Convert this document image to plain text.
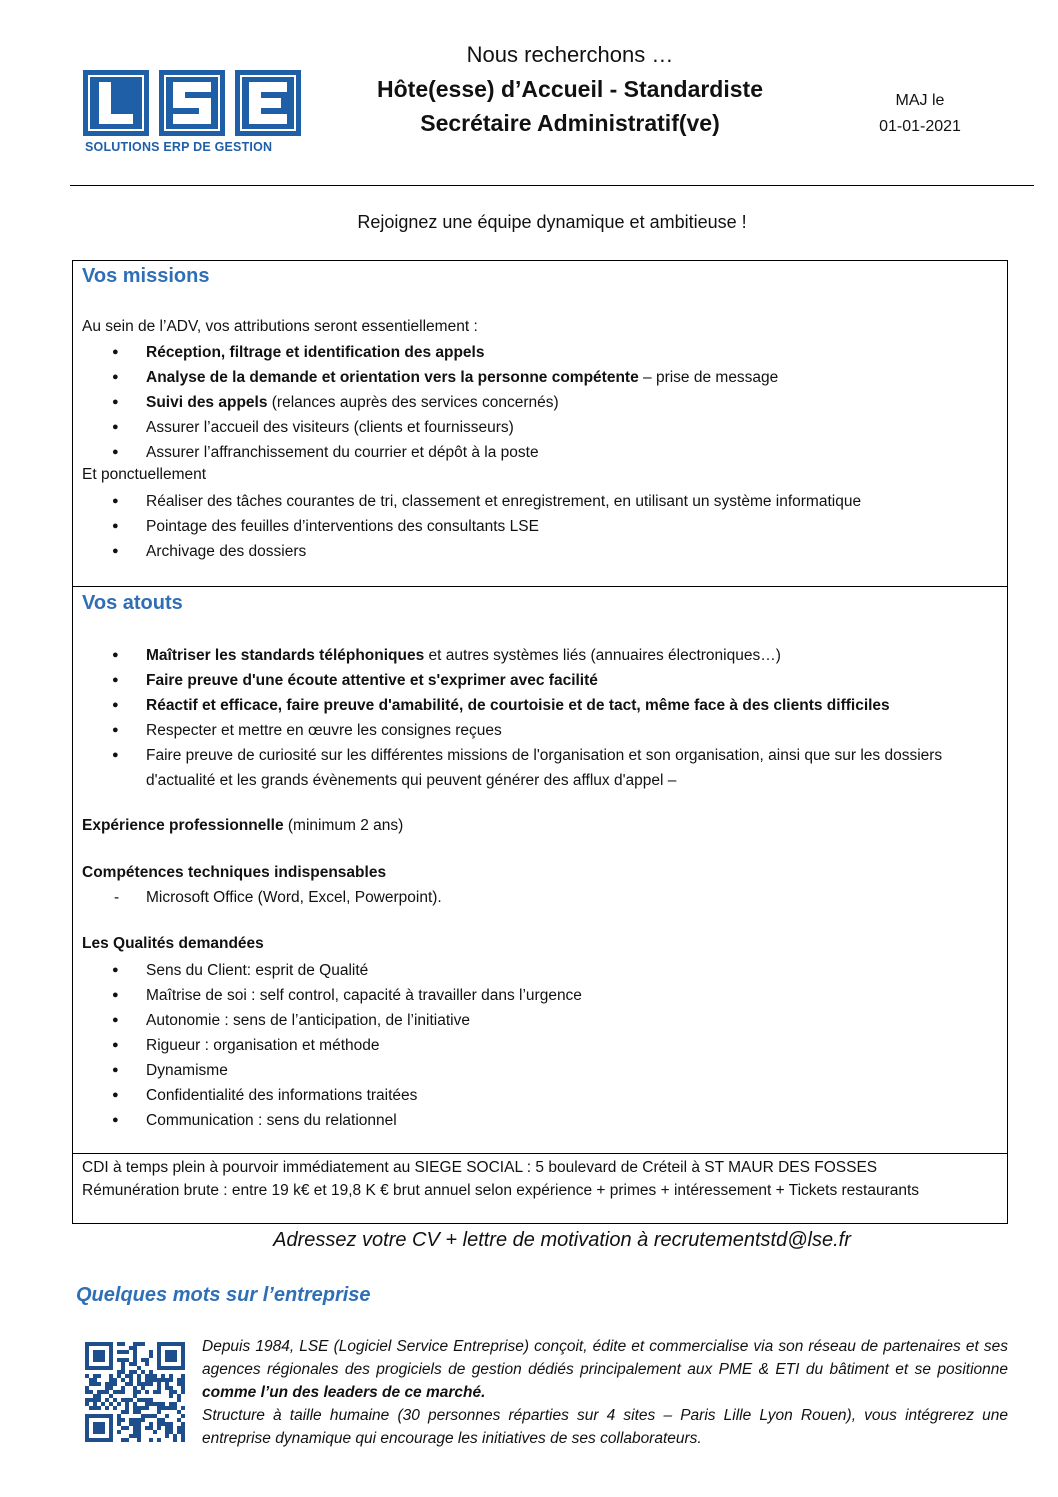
SOLUTIONS ERP DE GESTION
Nous recherchons …
Hôte(esse) d’Accueil - Standardiste
Secrétaire Administratif(ve)
MAJ le
01-01-2021
Rejoignez une équipe dynamique et ambitieuse !
Vos missions
Au sein de l’ADV, vos attributions seront essentiellement :
● Réception, filtrage et identification des appels
● Analyse de la demande et orientation vers la personne compétente – prise de message
● Suivi des appels (relances auprès des services concernés)
● Assurer l’accueil des visiteurs (clients et fournisseurs)
● Assurer l’affranchissement du courrier et dépôt à la poste
Et ponctuellement
● Réaliser des tâches courantes de tri, classement et enregistrement, en utilisant un système informatique
● Pointage des feuilles d’interventions des consultants LSE
● Archivage des dossiers
Vos atouts
● Maîtriser les standards téléphoniques et autres systèmes liés (annuaires électroniques…)
● Faire preuve d'une écoute attentive et s'exprimer avec facilité
● Réactif et efficace, faire preuve d'amabilité, de courtoisie et de tact, même face à des clients difficiles
● Respecter et mettre en œuvre les consignes reçues
● Faire preuve de curiosité sur les différentes missions de l'organisation et son organisation, ainsi que sur les dossiers d'actualité et les grands évènements qui peuvent générer des afflux d'appel –
Expérience professionnelle (minimum 2 ans)
Compétences techniques indispensables
- Microsoft Office (Word, Excel, Powerpoint).
Les Qualités demandées
● Sens du Client: esprit de Qualité
● Maîtrise de soi : self control, capacité à travailler dans l’urgence
● Autonomie : sens de l’anticipation, de l’initiative
● Rigueur : organisation et méthode
● Dynamisme
● Confidentialité des informations traitées
● Communication : sens du relationnel
CDI à temps plein à pourvoir immédiatement au SIEGE SOCIAL : 5 boulevard de Créteil à ST MAUR DES FOSSES
Rémunération brute : entre 19 k€ et 19,8 K € brut annuel selon expérience + primes + intéressement + Tickets restaurants
Adressez votre CV + lettre de motivation à recrutementstd@lse.fr
Quelques mots sur l’entreprise

Depuis 1984, LSE (Logiciel Service Entreprise) conçoit, édite et commercialise via son réseau de partenaires et ses agences régionales des progiciels de gestion dédiés principalement aux PME & ETI du bâtiment et se positionne comme l’un des leaders de ce marché.

Structure à taille humaine (30 personnes réparties sur 4 sites – Paris Lille Lyon Rouen), vous intégrerez une entreprise dynamique qui encourage les initiatives de ses collaborateurs.
